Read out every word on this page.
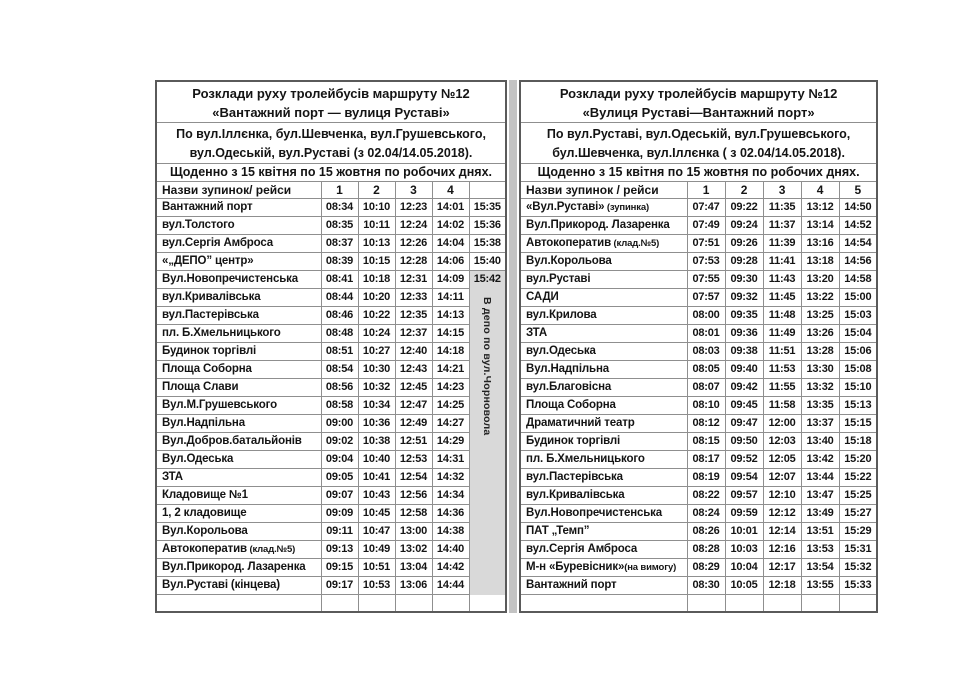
Розклади руху тролейбусів маршруту №12
«Вантажний порт — вулиця Руставі»					

По вул.Іллєнка, бул.Шевченка, вул.Грушевського,
вул.Одеській, вул.Руставі (з 02.04/14.05.2018).					

Щоденно з 15 квітня по 15 жовтня по робочих днях.					
Назви зупинок/ рейси	1	2	3	4	
Вантажний порт	08:34	10:10	12:23	14:01	15:35
вул.Толстого	08:35	10:11	12:24	14:02	15:36
вул.Сергія Амброса	08:37	10:13	12:26	14:04	15:38
«„ДЕПО” центр»	08:39	10:15	12:28	14:06	15:40
Вул.Новопречистенська	08:41	10:18	12:31	14:09	15:42
вул.Кривалівська	08:44	10:20	12:33	14:11	
вул.Пастерівська	08:46	10:22	12:35	14:13	
пл. Б.Хмельницького	08:48	10:24	12:37	14:15	
Будинок торгівлі	08:51	10:27	12:40	14:18	
Площа Соборна	08:54	10:30	12:43	14:21	
Площа Слави	08:56	10:32	12:45	14:23	
Вул.М.Грушевського	08:58	10:34	12:47	14:25	
Вул.Надпільна	09:00	10:36	12:49	14:27	
Вул.Добров.батальйонів	09:02	10:38	12:51	14:29	
Вул.Одеська	09:04	10:40	12:53	14:31	
ЗТА	09:05	10:41	12:54	14:32	
Кладовище №1	09:07	10:43	12:56	14:34	
1, 2 кладовище	09:09	10:45	12:58	14:36	
Вул.Корольова	09:11	10:47	13:00	14:38	
Автокоператив (клад.№5)	09:13	10:49	13:02	14:40	
Вул.Прикород. Лазаренка	09:15	10:51	13:04	14:42	
Вул.Руставі (кінцева)	09:17	10:53	13:06	14:44	

В депо по вул.Чорновола
Розклади руху тролейбусів маршруту №12
«Вулиця Руставі—Вантажний порт»					

По вул.Руставі, вул.Одеській, вул.Грушевського,
бул.Шевченка, вул.Іллєнка ( з 02.04/14.05.2018).					

Щоденно з 15 квітня по 15 жовтня по робочих днях.					
Назви зупинок / рейси	1	2	3	4	5
«Вул.Руставі» (зупинка)	07:47	09:22	11:35	13:12	14:50
Вул.Прикород. Лазаренка	07:49	09:24	11:37	13:14	14:52
Автокоператив (клад.№5)	07:51	09:26	11:39	13:16	14:54
Вул.Корольова	07:53	09:28	11:41	13:18	14:56
вул.Руставі	07:55	09:30	11:43	13:20	14:58
САДИ	07:57	09:32	11:45	13:22	15:00
вул.Крилова	08:00	09:35	11:48	13:25	15:03
ЗТА	08:01	09:36	11:49	13:26	15:04
вул.Одеська	08:03	09:38	11:51	13:28	15:06
Вул.Надпільна	08:05	09:40	11:53	13:30	15:08
вул.Благовісна	08:07	09:42	11:55	13:32	15:10
Площа Соборна	08:10	09:45	11:58	13:35	15:13
Драматичний театр	08:12	09:47	12:00	13:37	15:15
Будинок торгівлі	08:15	09:50	12:03	13:40	15:18
пл. Б.Хмельницького	08:17	09:52	12:05	13:42	15:20
вул.Пастерівська	08:19	09:54	12:07	13:44	15:22
вул.Кривалівська	08:22	09:57	12:10	13:47	15:25
Вул.Новопречистенська	08:24	09:59	12:12	13:49	15:27
ПАТ „Темп”	08:26	10:01	12:14	13:51	15:29
вул.Сергія Амброса	08:28	10:03	12:16	13:53	15:31
М-н «Буревісник»(на вимогу)	08:29	10:04	12:17	13:54	15:32
Вантажний порт	08:30	10:05	12:18	13:55	15:33
